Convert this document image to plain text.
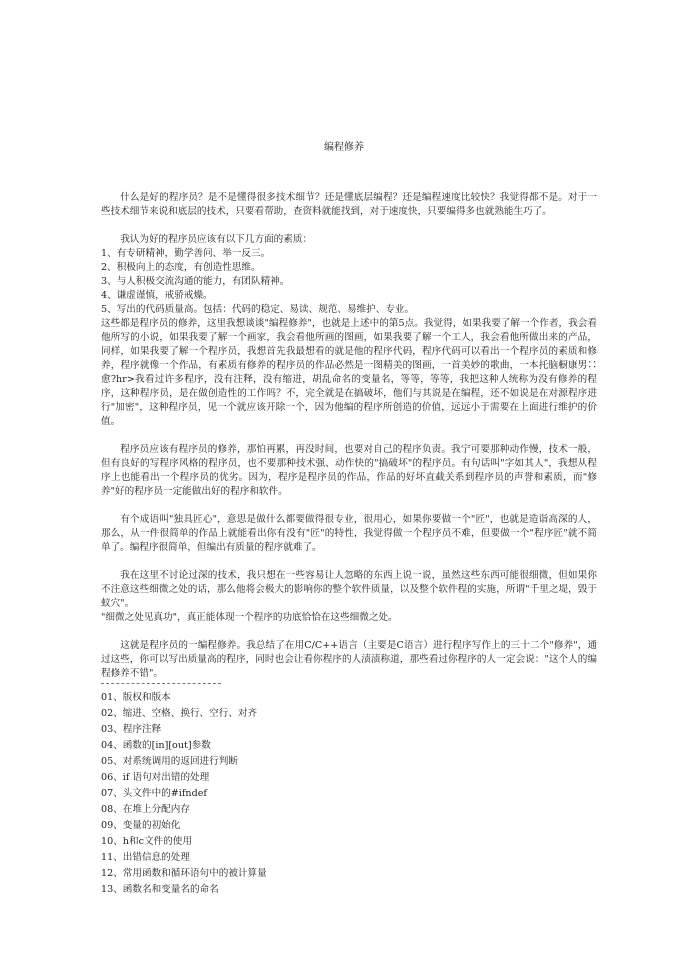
编程修养

什么是好的程序员？是不是懂得很多技术细节？还是懂底层编程？还是编程速度比较快？我觉得都不是。对于一些技术细节来说和底层的技术，只要看帮助，查资料就能找到，对于速度快，只要编得多也就熟能生巧了。

我认为好的程序员应该有以下几方面的素质：

1、有专研精神，勤学善问、举一反三。

2、积极向上的态度，有创造性思维。

3、与人积极交流沟通的能力，有团队精神。

4、谦虚谨慎，戒骄戒燥。

5、写出的代码质量高。包括：代码的稳定、易读、规范、易维护、专业。

这些都是程序员的修养，这里我想谈谈"编程修养"，也就是上述中的第5点。我觉得，如果我要了解一个作者，我会看他所写的小说，如果我要了解一个画家，我会看他所画的图画，如果我要了解一个工人，我会看他所做出来的产品，同样，如果我要了解一个程序员，我想首先我最想看的就是他的程序代码，程序代码可以看出一个程序员的素质和修养，程序就像一个作品，有素质有修养的程序员的作品必然是一图精美的图画，一首美妙的歌曲，一本托脑橱康男∷愈?hr>我看过许多程序，没有注释，没有缩进，胡乱命名的变量名，等等，等等，我把这种人统称为没有修养的程序，这种程序员，是在做创造性的工作吗？不，完全就是在搞破坏，他们与其说是在编程，还不如说是在对源程序进行"加密"，这种程序员，见一个就应该开除一个，因为他编的程序所创造的价值，远远小于需要在上面进行维护的价值。

程序员应该有程序员的修养，那怕再累，再没时间，也要对自己的程序负责。我宁可要那种动作慢，技术一般，但有良好的写程序风格的程序员，也不要那种技术强、动作快的"搞破坏"的程序员。有句话叫"字如其人"，我想从程序上也能看出一个程序员的优劣。因为，程序是程序员的作品，作品的好坏直截关系到程序员的声誉和素质，而"修养"好的程序员一定能做出好的程序和软件。

有个成语叫"独具匠心"，意思是做什么都要做得很专业，很用心，如果你要做一个"匠"，也就是造诣高深的人，那么，从一件很简单的作品上就能看出你有没有"匠"的特性，我觉得做一个程序员不难，但要做一个"程序匠"就不简单了。编程序很简单，但编出有质量的程序就难了。

我在这里不讨论过深的技术，我只想在一些容易让人忽略的东西上说一说，虽然这些东西可能很细微，但如果你不注意这些细微之处的话，那么他将会极大的影响你的整个软件质量，以及整个软件程的实施，所谓"千里之堤，毁于蚁穴"。

"细微之处见真功"，真正能体现一个程序的功底恰恰在这些细微之处。

这就是程序员的一编程修养。我总结了在用C/C++语言（主要是C语言）进行程序写作上的三十二个"修养"，通过这些，你可以写出质量高的程序，同时也会让看你程序的人渍渍称道，那些看过你程序的人一定会说："这个人的编程修养不错"。

01、版权和版本
02、缩进、空格、换行、空行、对齐
03、程序注释
04、函数的[in][out]参数
05、对系统调用的返回进行判断
06、if 语句对出错的处理
07、头文件中的#ifndef
08、在堆上分配内存
09、变量的初始化
10、h和c文件的使用
11、出错信息的处理
12、常用函数和循环语句中的被计算量
13、函数名和变量名的命名
